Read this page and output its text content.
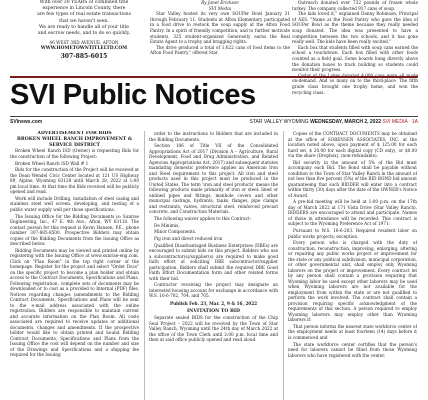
With over 30 YEARS of combined title
experience in Lincoln County, there
are few types of real estate transactions
that we haven't seen.
We are ready to handle all of your title
and escrow needs, and to do so quickly.
46 WEST 3RD AVENUE, AFTON
WWW.HOMETOWNTITLELTD.COM
307-885-6015
By Janet Erickson
SVI Media
Star Valley hosted its very own SOUPer Bowl January 31 through February 11. Students at Afton Elementary participated in a food drive to restock the soup supply at the Afton Food Pantry. In a spirit of friendly competition, and to further motivate students, 325 student-organized Generosity earns the Real Estate Agent to a trophy and bragging rights.
The drive produced a total of 1,622 cans of food items to the Afton Food Pantry," offered Star
Outreach donated over 732 pounds of frozen whole turkey. The company collected 917 cans of soup.
The kids loved it," explained Danny Robinson, Principal of AES. "Name at the Food Pantry who gave the idea of SOUPer Bowl as the theme because they really needed soup donated. The idea was presented to have a competition between the two schools, and it has gone really well. The kids have been really excited."
Each box that students filled with soup cans earned the school a touchdown. Each box filled with other foods counted as a field goal. Some boards hung directly above the donation boxes to track building so students could monitor their progress.
on-demand. And so many on to the third-place. The fifth grade class brought one trophy home, and won the recycling class.
SVI Public Notices
SVInews.com	STAR VALLEY WYOMING WEDNESDAY, MARCH 2, 2022 SVI MEDIA · 1A
ADVERTISEMENT FOR BIDS
BROKEN WHEEL RANCH IMPROVEMENT & SERVICE DISTRICT
Broken Wheel Ranch ISD (Owner) is requesting Bids for the construction of the following Project:
Broken Wheel Ranch ISD Wall # 1
Bids for the construction of the Project will be received at the Dean Wendel Civic Center located at 121 US Highway 89, Alpine, Wyoming 83128 until March 28, 2022 at 1:00 pm local time. At that time the Bids received will be publicly opened and read.
Work will include Drilling, installation of steel casing and stainless steel well screen, developing, and testing of a public water supply well per those specifications.
The Issuing Office for the Bidding Documents is: Sunrise Engineering, Inc., 47 E. 4th Ave., Afton, WY 83110. The contact person for this request is Kevin Hansen, P.E., phone number 307-885-8500. Prospective Bidders may obtain copies of the Bidding Documents from the Issuing Office as described below.
Bidding Documents may be viewed and printed online by registering with the Issuing Office at www.sunrise-eng.com. Click on "Plan Room" in the top right corner of the homepage. Register for the project and select "Order Docs" on the specific project to become a plan holder and obtain access to the Contract Documents, Specifications and Plans. Following registration, complete sets of documents may be downloaded or to cost as a provided to Internal (PDF) files. Notices regarding changes (amendments to the Bidding Contract Documents, Specifications and Plans will be sent to the e-mail address associated with the online registration. Bidders are responsible to maintain current and accurate information on the Plan Room. All costs associated are required to receive updates or additional documents, changes and amendments. If the prospective bidder would like to obtain printed and bound Bidding Contract Documents, Specifications and Plans from the Issuing Office the cost will depend on the number and size of the Drawings and Specifications and a shipping fee required for the Issuing
order to the instructions to Bidders that are included in the Bidding Documents.
Section 106 of Title VII of the Consolidated Appropriations Act of 2017 (Division A – Agriculture, Rural Development, Food and Drug Administration, and Related Agencies Appropriations Act, 2017) and subsequent statutes mandating domestic preference applies an American Iron and Steel requirement to this project. All iron and steel products used in this project must be produced in the United States. The term 'iron and steel products' means the following products made primarily of iron or steel: lined or unlined pipes and fittings, manhole covers and other municipal castings, hydrants, tanks, flanges, pipe clamps and restraints, valves, structural steel, reinforced precast concrete, and Construction Materials.
The following waiver applies to this Contract:
De Minimis,
Minor Components,
Pig iron and direct reduced iron
Qualified Disadvantaged Business Enterprises (DBEs) are encouraged to submit bids on this project. Bidders who use a subcontractor(s)/supplier(s) are required to make good faith effort at soliciting DBE subcontractor/supplier participation. Bidders shall submit the required DBE Good Faith Effort Documentation form and other related forms with their bid.
Contractor receiving the project may designate an interested housing account for exchange in accordance with W.S. 16-6-702, 704, and 705.
Publish Feb. 23, Mar. 2, 9 & 16, 2022
INVITATION TO BID
Separate sealed BIDS for the construction of the Chip Seal Project – 2022 will be received by the Town of Star Valley Ranch, Wyoming until the 24th day of March 2022 at the office of the Town Clerk until 2:00 p.m. local time and then at said office publicly opened and read aloud.
Copies of the CONTRACT DOCUMENTS may be obtained at the office of SORENSEN ASSOCIATES, INC. at the location noted above, upon payment of $ 125.00 for each hard set, $ 20.00 for each digital copy (CD only), or $0.00 via the share (Dropbox), (non-refundable).
Bid security in the amount of 5% of the Bid must accompany each Bid. The Bond shall be payable without condition to the Town of Star Valley Ranch in the amount of not less than five percent (5%) of the BID BOND bid amount guaranteeing that such BIDDER will enter into a contract within thirty (30) days after the date of the OWNER's Notice of Award.
A pre-bid meeting will be held at 1:00 p.m. on the 17th day of March 2022 at 171 Vista Drive (Star Valley Ranch). BIDDERS are encouraged to attend and participate. Names of those in attendance will be recorded. This contract is subject to the Wyoming Preference Act of 1971:
Pursuant to W.S. 16-6-203. Required resident labor on public works projects; exception.
Every person who is charged with the duty of construction, reconstruction, improving, enlarging, altering or repairing any public works project or improvement for the state or any political subdivision, municipal corporation, or other governmental unit, shall employ only Wyoming laborers on the project or improvement. Every contract let by any person shall contain a provision requiring that Wyoming labor be used except other laborers may be used when Wyoming laborers are not available for the employment from within the state or are not qualified to perform the work involved. The contract shall contain a provision requiring specific acknowledgment of the requirements of this section. A person required to employ Wyoming laborers may employ other than Wyoming laborers if:
That person informs the nearest state workforce center of the employment needs at least fourteen (14) days before it is commenced and
The state workforce center certifies that the person's need for laborers cannot be filled from those Wyoming laborers who have registered with the center.
